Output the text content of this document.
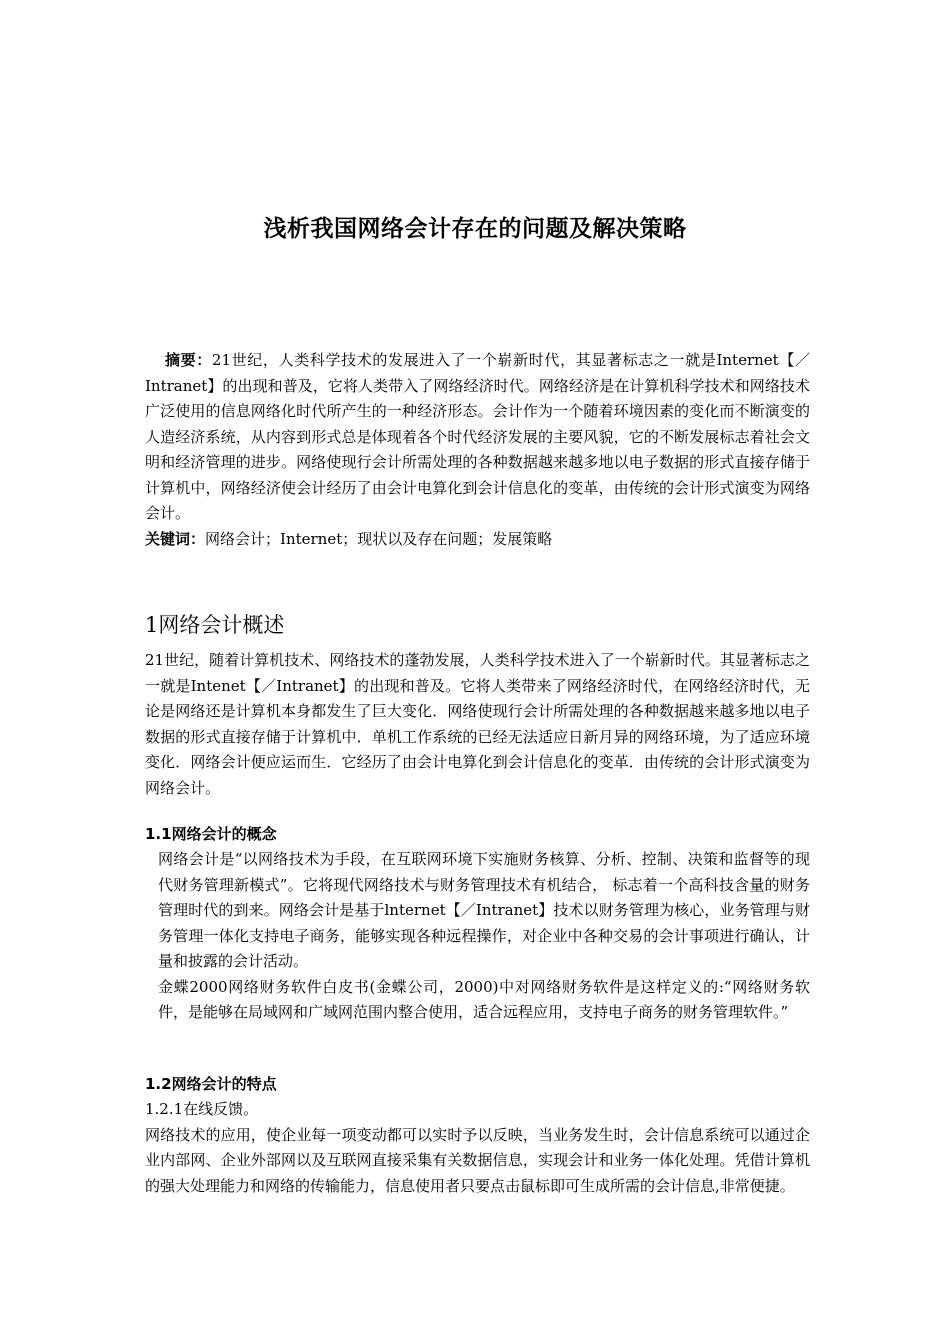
浅析我国网络会计存在的问题及解决策略

摘要：21世纪，人类科学技术的发展进入了一个崭新时代，其显著标志之一就是Internet【／Intranet】的出现和普及，它将人类带入了网络经济时代。网络经济是在计算机科学技术和网络技术广泛使用的信息网络化时代所产生的一种经济形态。会计作为一个随着环境因素的变化而不断演变的人造经济系统，从内容到形式总是体现着各个时代经济发展的主要风貌，它的不断发展标志着社会文明和经济管理的进步。网络使现行会计所需处理的各种数据越来越多地以电子数据的形式直接存储于计算机中，网络经济使会计经历了由会计电算化到会计信息化的变革，由传统的会计形式演变为网络会计。

关键词：网络会计；Internet；现状以及存在问题；发展策略

1网络会计概述

21世纪，随着计算机技术、网络技术的蓬勃发展，人类科学技术进入了一个崭新时代。其显著标志之一就是Intenet【／Intranet】的出现和普及。它将人类带来了网络经济时代，在网络经济时代，无论是网络还是计算机本身都发生了巨大变化．网络使现行会计所需处理的各种数据越来越多地以电子数据的形式直接存储于计算机中．单机工作系统的已经无法适应日新月异的网络环境，为了适应环境变化．网络会计便应运而生．它经历了由会计电算化到会计信息化的变革．由传统的会计形式演变为网络会计。

1.1网络会计的概念

网络会计是“以网络技术为手段，在互联网环境下实施财务核算、分析、控制、决策和监督等的现代财务管理新模式”。它将现代网络技术与财务管理技术有机结合， 标志着一个高科技含量的财务管理时代的到来。网络会计是基于lnternet【／Intranet】技术以财务管理为核心，业务管理与财务管理一体化支持电子商务，能够实现各种远程操作，对企业中各种交易的会计事项进行确认，计量和披露的会计活动。

金蝶2000网络财务软件白皮书(金蝶公司，2000)中对网络财务软件是这样定义的:“网络财务软件，是能够在局域网和广域网范围内整合使用，适合远程应用，支持电子商务的财务管理软件。”

1.2网络会计的特点

1.2.1在线反馈。

网络技术的应用，使企业每一项变动都可以实时予以反映，当业务发生时，会计信息系统可以通过企业内部网、企业外部网以及互联网直接采集有关数据信息，实现会计和业务一体化处理。凭借计算机的强大处理能力和网络的传输能力，信息使用者只要点击鼠标即可生成所需的会计信息,非常便捷。
